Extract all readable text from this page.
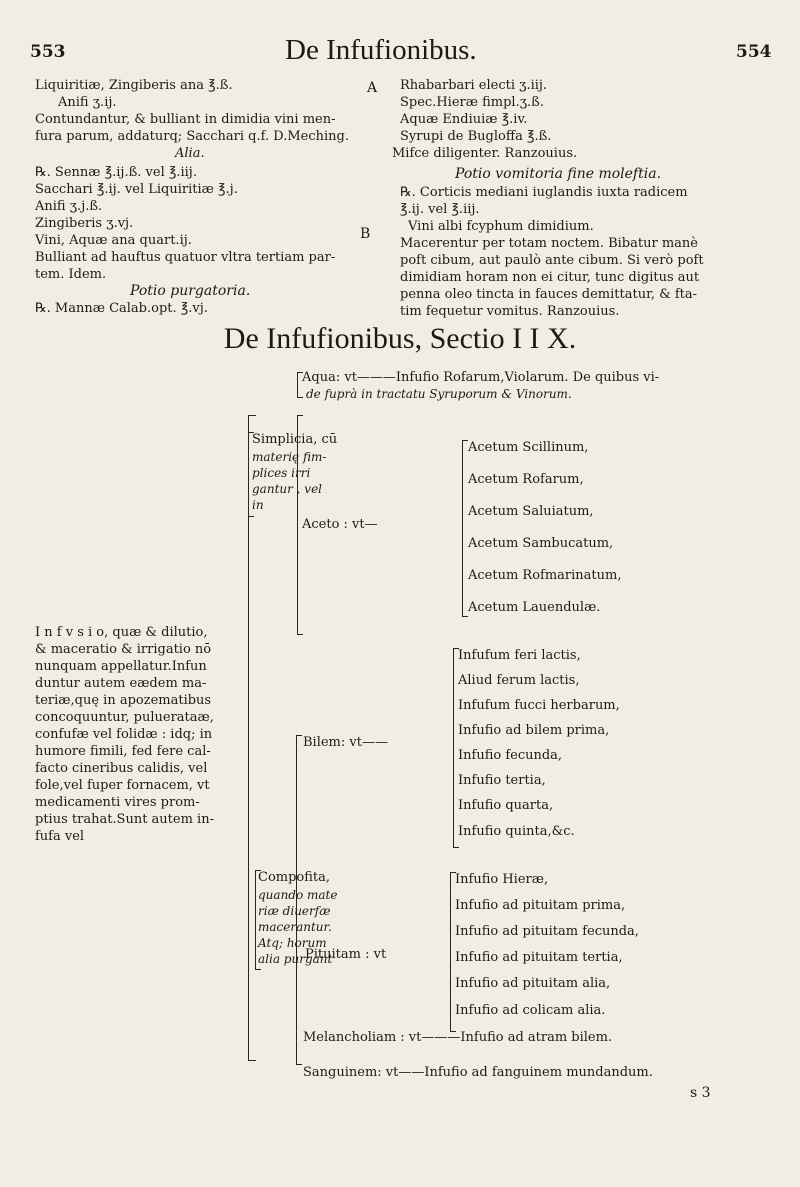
553	De Infufionibus.	554
A
B
Liquiritiæ, Zingiberis ana ℥.ß.
Anifi ʒ.ij.
Contundantur, & bulliant in dimidia vini men-
fura parum, addaturq; Sacchari q.f. D.Meching.
Alia.
℞. Sennæ ℥.ij.ß. vel ℥.iij.
Sacchari ℥.ij. vel Liquiritiæ ℥.j.
Anifi ʒ.j.ß.
Zingiberis ʒ.vj.
Vini, Aquæ ana quart.ij.
Bulliant ad hauftus quatuor vltra tertiam par-
tem. Idem.
Potio purgatoria.
℞. Mannæ Calab.opt. ℥.vj.
Rhabarbari electi ʒ.iij.
Spec.Hieræ fimpl.ʒ.ß.
Aquæ Endiuiæ ℥.iv.
Syrupi de Bugloffa ℥.ß.
Mifce diligenter. Ranzouius.
Potio vomitoria fine moleftia.
℞. Corticis mediani iuglandis iuxta radicem
℥.ij. vel ℥.iij.
Vini albi fcyphum dimidium.
Macerentur per totam noctem. Bibatur manè
poft cibum, aut paulò ante cibum. Si verò poft
dimidiam horam non ei citur, tunc digitus aut
penna oleo tincta in fauces demittatur, & fta-
tim fequetur vomitus. Ranzouius.
De Infufionibus, Sectio I I X.
Aqua: vt———Infufio Rofarum,Violarum. De quibus vi-
de fuprà in tractatu Syruporum & Vinorum.
Simplicia, cū
materię fim-
plices irri
gantur , vel
in
Aceto : vt—
Acetum Scillinum,
Acetum Rofarum,
Acetum Saluiatum,
Acetum Sambucatum,
Acetum Rofmarinatum,
Acetum Lauendulæ.
I n f v s i o, quæ & dilutio,
& maceratio & irrigatio nō
nunquam appellatur.Infun
duntur autem eædem ma-
teriæ,quę in apozematibus
concoquuntur, puluerataæ,
confufæ vel folidæ : idq; in
humore fimili, fed fere cal-
facto cineribus calidis, vel
fole,vel fuper fornacem, vt
medicamenti vires prom-
ptius trahat.Sunt autem in-
fufa vel
Bilem: vt——
Infufum feri lactis,
Aliud ferum lactis,
Infufum fucci herbarum,
Infufio ad bilem prima,
Infufio fecunda,
Infufio tertia,
Infufio quarta,
Infufio quinta,&c.
Compofita,
quando mate
riæ diuerfæ
macerantur.
Atq; horum
alia purgant
Pituitam : vt
Infufio Hieræ,
Infufio ad pituitam prima,
Infufio ad pituitam fecunda,
Infufio ad pituitam tertia,
Infufio ad pituitam alia,
Infufio ad colicam alia.
Melancholiam : vt———Infufio ad atram bilem.
Sanguinem: vt——Infufio ad fanguinem mundandum.
s 3
